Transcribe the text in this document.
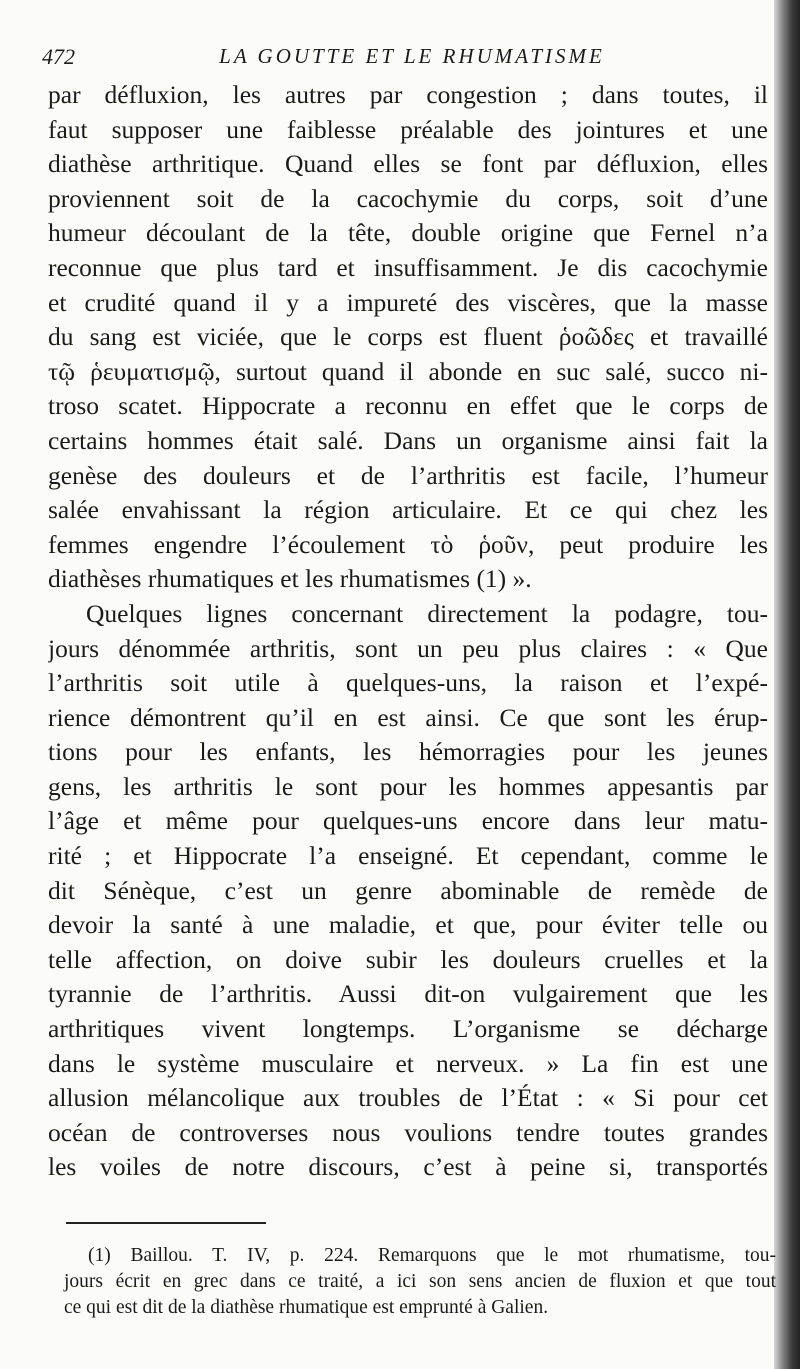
472	LA GOUTTE ET LE RHUMATISME
par défluxion, les autres par congestion ; dans toutes, il
faut supposer une faiblesse préalable des jointures et une
diathèse arthritique. Quand elles se font par défluxion, elles
proviennent soit de la cacochymie du corps, soit d’une
humeur découlant de la tête, double origine que Fernel n’a
reconnue que plus tard et insuffisamment. Je dis cacochymie
et crudité quand il y a impureté des viscères, que la masse
du sang est viciée, que le corps est fluent ῥοῶδες et travaillé
τῷ ῥευματισμῷ, surtout quand il abonde en suc salé, succo ni-
troso scatet. Hippocrate a reconnu en effet que le corps de
certains hommes était salé. Dans un organisme ainsi fait la
genèse des douleurs et de l’arthritis est facile, l’humeur
salée envahissant la région articulaire. Et ce qui chez les
femmes engendre l’écoulement τὸ ῥοῦν, peut produire les
diathèses rhumatiques et les rhumatismes (1) ».
Quelques lignes concernant directement la podagre, tou-
jours dénommée arthritis, sont un peu plus claires : « Que
l’arthritis soit utile à quelques-uns, la raison et l’expé-
rience démontrent qu’il en est ainsi. Ce que sont les érup-
tions pour les enfants, les hémorragies pour les jeunes
gens, les arthritis le sont pour les hommes appesantis par
l’âge et même pour quelques-uns encore dans leur matu-
rité ; et Hippocrate l’a enseigné. Et cependant, comme le
dit Sénèque, c’est un genre abominable de remède de
devoir la santé à une maladie, et que, pour éviter telle ou
telle affection, on doive subir les douleurs cruelles et la
tyrannie de l’arthritis. Aussi dit-on vulgairement que les
arthritiques vivent longtemps. L’organisme se décharge
dans le système musculaire et nerveux. » La fin est une
allusion mélancolique aux troubles de l’État : « Si pour cet
océan de controverses nous voulions tendre toutes grandes
les voiles de notre discours, c’est à peine si, transportés
(1) Baillou. T. IV, p. 224. Remarquons que le mot rhumatisme, tou-
jours écrit en grec dans ce traité, a ici son sens ancien de fluxion et que tout
ce qui est dit de la diathèse rhumatique est emprunté à Galien.
